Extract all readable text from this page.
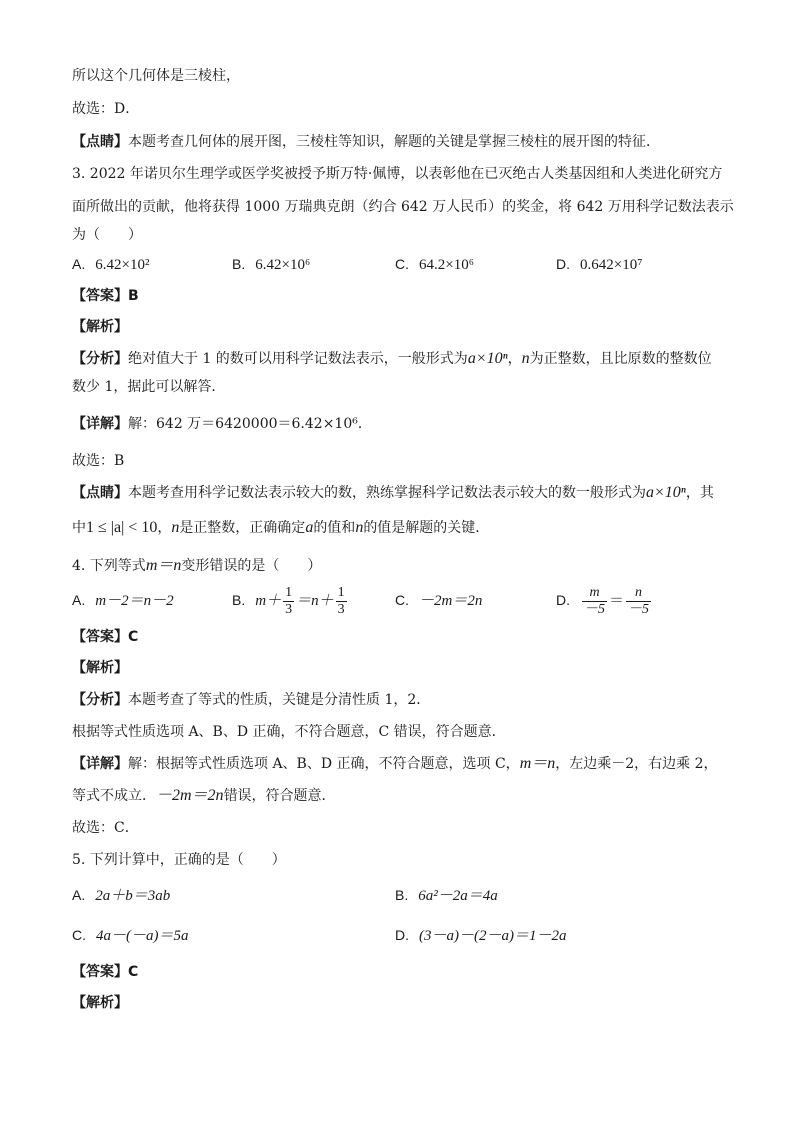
所以这个几何体是三棱柱，
故选：D．
【点睛】本题考查几何体的展开图，三棱柱等知识，解题的关键是掌握三棱柱的展开图的特征．
3. 2022 年诺贝尔生理学或医学奖被授予斯万特·佩博，以表彰他在已灭绝古人类基因组和人类进化研究方
面所做出的贡献，他将获得 1000 万瑞典克朗（约合 642 万人民币）的奖金，将 642 万用科学记数法表示
为（　　）
A. 6.42×10²	B. 6.42×10⁶	C. 64.2×10⁶	D. 0.642×10⁷
【答案】B
【解析】
【分析】绝对值大于 1 的数可以用科学记数法表示，一般形式为a×10ⁿ，n为正整数，且比原数的整数位
数少 1，据此可以解答．
【详解】解：642 万＝6420000＝6.42×10⁶．
故选：B
【点睛】本题考查用科学记数法表示较大的数，熟练掌握科学记数法表示较大的数一般形式为a×10ⁿ，其
中1 ≤ |a| < 10，n是正整数，正确确定a的值和n的值是解题的关键．
4. 下列等式m＝n变形错误的是（　　）
A. m－2＝n－2	B. $m+ \frac{1}{3} =n+ \frac{1}{3}$	C. －2m＝2n	D. $\frac{m}{-5} = \frac{n}{-5}$
【答案】C
【解析】
【分析】本题考查了等式的性质，关键是分清性质 1，2．
根据等式性质选项 A、B、D 正确，不符合题意，C 错误，符合题意．
【详解】解：根据等式性质选项 A、B、D 正确，不符合题意，选项 C，m＝n，左边乘－2，右边乘 2，
等式不成立．－2m＝2n错误，符合题意．
故选：C．
5. 下列计算中，正确的是（　　）
A. 2a＋b＝3ab	B. 6a²－2a＝4a
C. 4a－(－a)＝5a	D. (3－a)－(2－a)＝1－2a
【答案】C
【解析】
